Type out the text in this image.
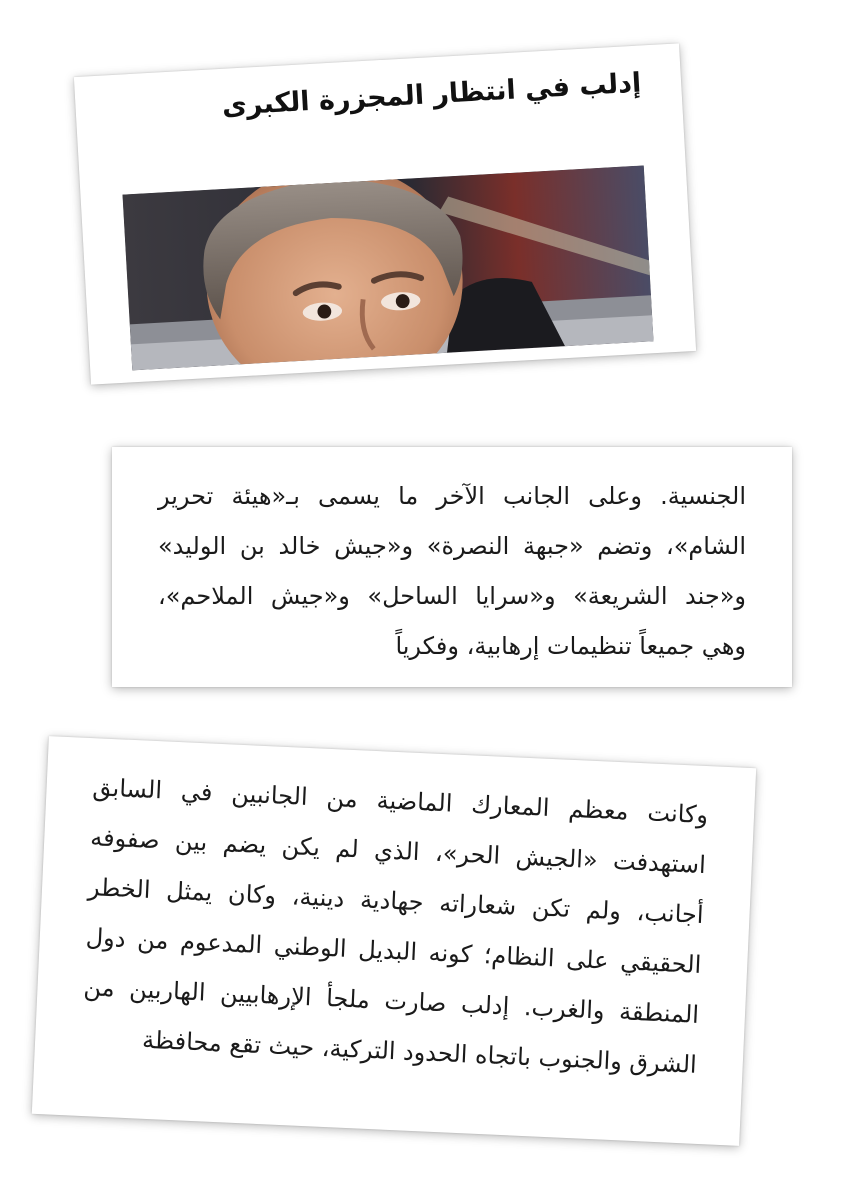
إدلب في انتظار المجزرة الكبرى

الجنسية. وعلى الجانب الآخر ما يسمى بـ«هيئة تحرير الشام»، وتضم «جبهة النصرة» و«جيش خالد بن الوليد» و«جند الشريعة» و«سرايا الساحل» و«جيش الملاحم»، وهي جميعاً تنظيمات إرهابية، وفكرياً

وكانت معظم المعارك الماضية من الجانبين في السابق استهدفت «الجيش الحر»، الذي لم يكن يضم بين صفوفه أجانب، ولم تكن شعاراته جهادية دينية، وكان يمثل الخطر الحقيقي على النظام؛ كونه البديل الوطني المدعوم من دول المنطقة والغرب. إدلب صارت ملجأ الإرهابيين الهاربين من الشرق والجنوب باتجاه الحدود التركية، حيث تقع محافظة
